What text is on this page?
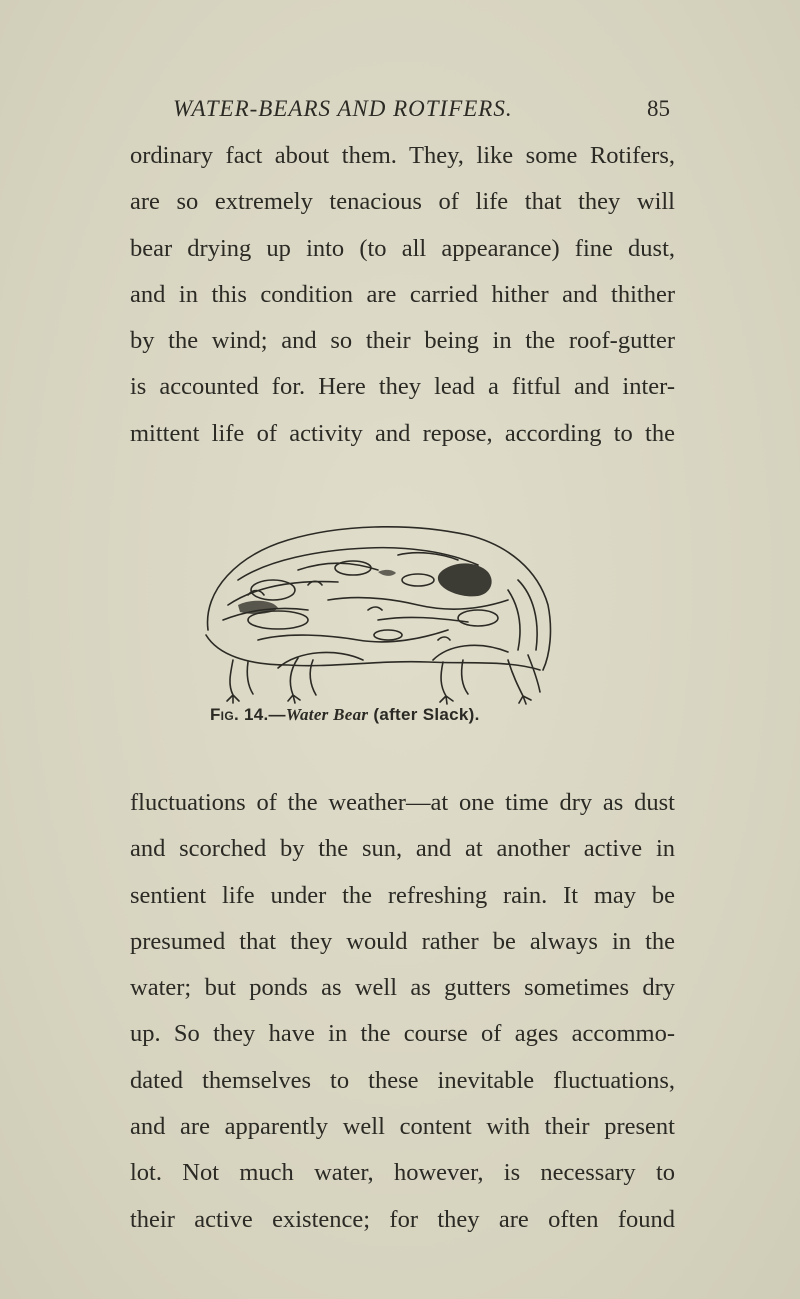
WATER-BEARS AND ROTIFERS.	85
ordinary fact about them. They, like some Rotifers,
are so extremely tenacious of life that they will
bear drying up into (to all appearance) fine dust,
and in this condition are carried hither and thither
by the wind; and so their being in the roof-gutter
is accounted for. Here they lead a fitful and inter-
mittent life of activity and repose, according to the
Fig. 14.—Water Bear (after Slack).
fluctuations of the weather—at one time dry as dust
and scorched by the sun, and at another active in
sentient life under the refreshing rain. It may be
presumed that they would rather be always in the
water; but ponds as well as gutters sometimes dry
up. So they have in the course of ages accommo-
dated themselves to these inevitable fluctuations,
and are apparently well content with their present
lot. Not much water, however, is necessary to
their active existence; for they are often found
